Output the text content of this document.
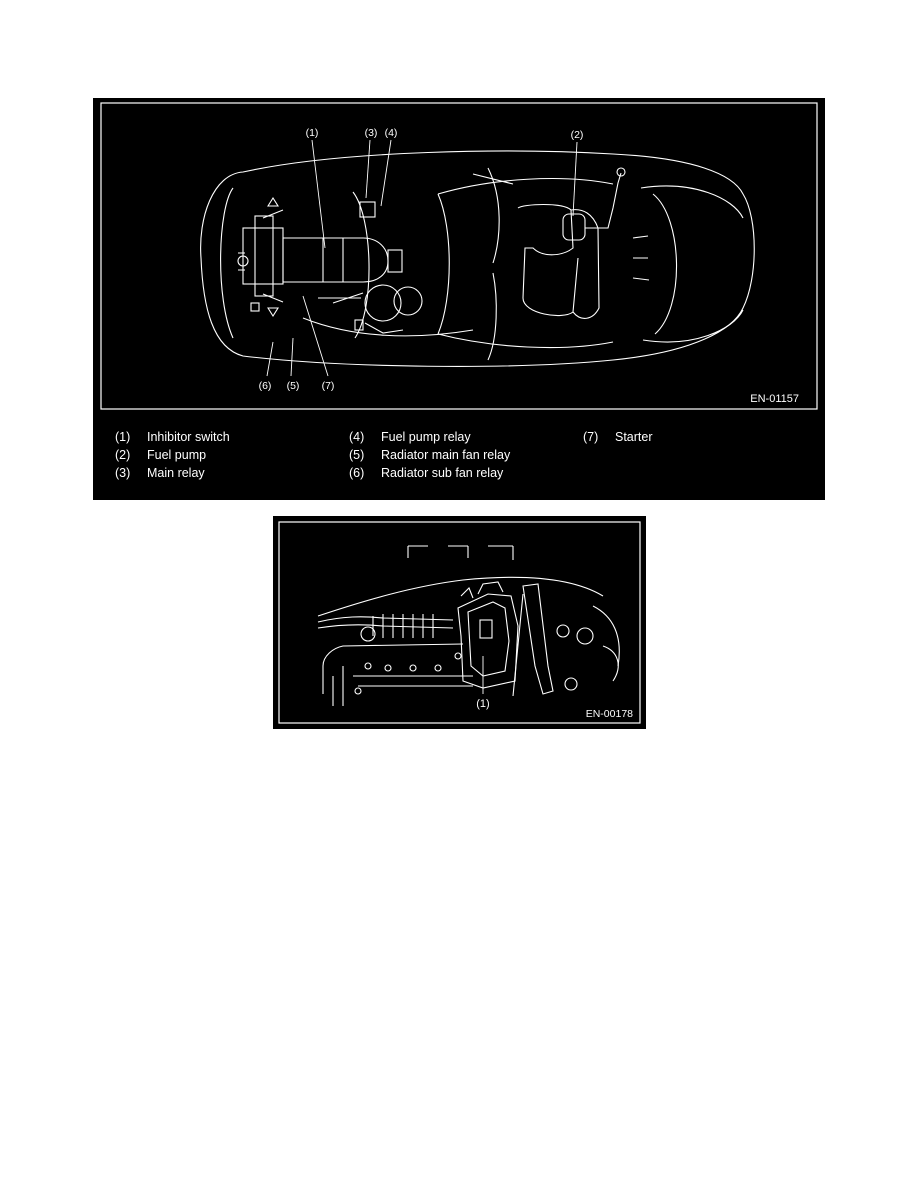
(1)	(2)
(3) (4)
(5)
(6)	(7)
EN-01157
(1) Inhibitor switch
(2) Fuel pump
(3) Main relay
(4) Fuel pump relay
(5) Radiator main fan relay
(6) Radiator sub fan relay
(7) Starter
(1)
EN-00178
